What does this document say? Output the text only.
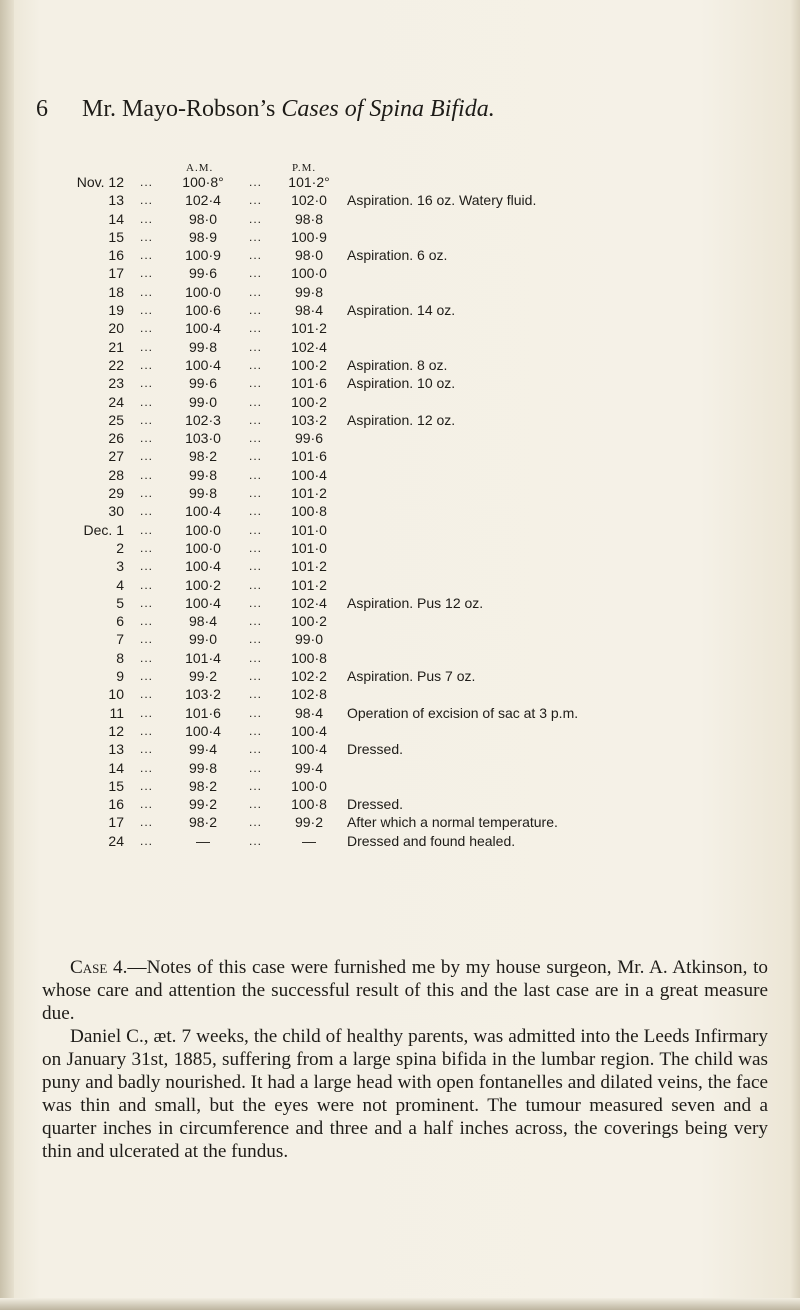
6 Mr. Mayo-Robson’s Cases of Spina Bifida.
A.M.	P.M.
Nov. 12 ...	100·8°	...	101·2°
13 ...	102·4	...	102·0	Aspiration. 16 oz. Watery fluid.
14 ...	98·0	...	98·8
15 ...	98·9	...	100·9
16 ...	100·9	...	98·0	Aspiration. 6 oz.
17 ...	99·6	...	100·0
18 ...	100·0	...	99·8
19 ...	100·6	...	98·4	Aspiration. 14 oz.
20 ...	100·4	...	101·2
21 ...	99·8	...	102·4
22 ...	100·4	...	100·2	Aspiration. 8 oz.
23 ...	99·6	...	101·6	Aspiration. 10 oz.
24 ...	99·0	...	100·2
25 ...	102·3	...	103·2	Aspiration. 12 oz.
26 ...	103·0	...	99·6
27 ...	98·2	...	101·6
28 ...	99·8	...	100·4
29 ...	99·8	...	101·2
30 ...	100·4	...	100·8
Dec. 1 ...	100·0	...	101·0
2 ...	100·0	...	101·0
3 ...	100·4	...	101·2
4 ...	100·2	...	101·2
5 ...	100·4	...	102·4	Aspiration. Pus 12 oz.
6 ...	98·4	...	100·2
7 ...	99·0	...	99·0
8 ...	101·4	...	100·8
9 ...	99·2	...	102·2	Aspiration. Pus 7 oz.
10 ...	103·2	...	102·8
11 ...	101·6	...	98·4	Operation of excision of sac at 3 p.m.
12 ...	100·4	...	100·4
13 ...	99·4	...	100·4	Dressed.
14 ...	99·8	...	99·4
15 ...	98·2	...	100·0
16 ...	99·2	...	100·8	Dressed.
17 ...	98·2	...	99·2	After which a normal temperature.
24 ...	—	...	—	Dressed and found healed.

Case 4.—Notes of this case were furnished me by my house surgeon, Mr. A. Atkinson, to whose care and attention the successful result of this and the last case are in a great measure due.

Daniel C., æt. 7 weeks, the child of healthy parents, was admitted into the Leeds Infirmary on January 31st, 1885, suffering from a large spina bifida in the lumbar region. The child was puny and badly nourished. It had a large head with open fontanelles and dilated veins, the face was thin and small, but the eyes were not prominent. The tumour measured seven and a quarter inches in circumference and three and a half inches across, the coverings being very thin and ulcerated at the fundus.
